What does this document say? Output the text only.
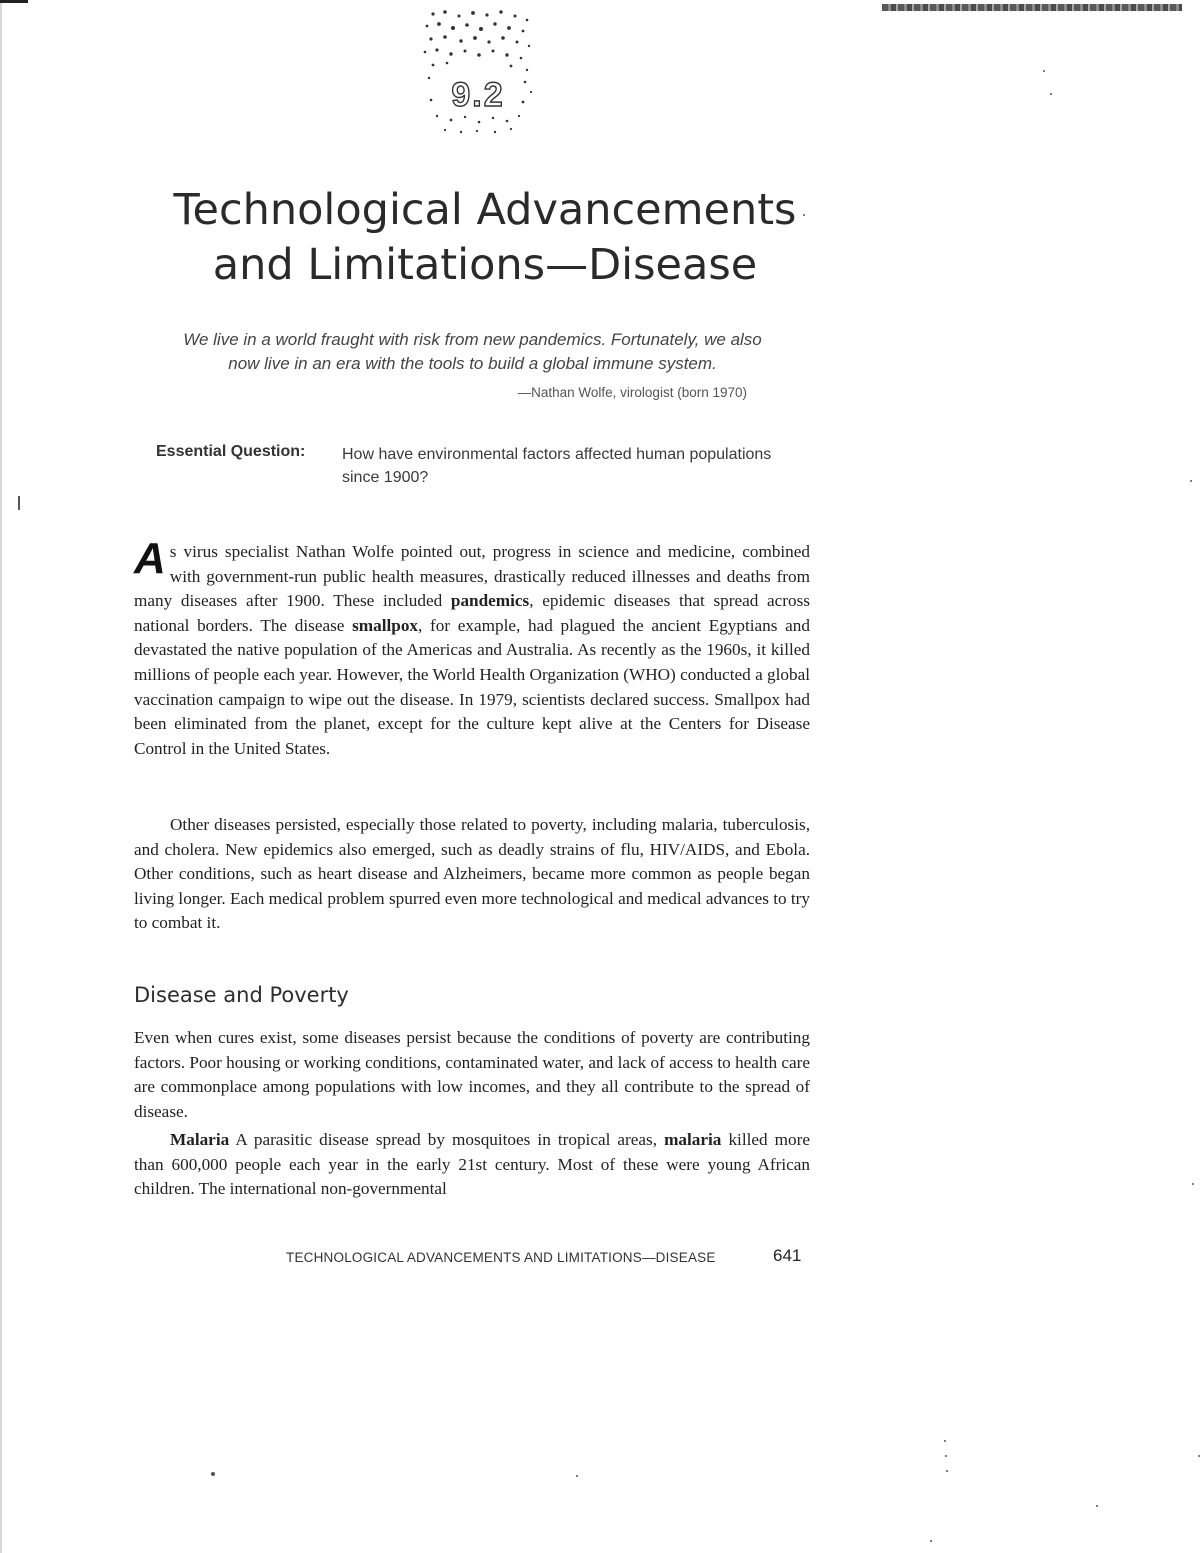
9.2
Technological Advancements
and Limitations—Disease

We live in a world fraught with risk from new pandemics. Fortunately, we also
now live in an era with the tools to build a global immune system.

—Nathan Wolfe, virologist (born 1970)
Essential Question: How have environmental factors affected human populations since 1900?

As virus specialist Nathan Wolfe pointed out, progress in science and medicine, combined with government-run public health measures, drastically reduced illnesses and deaths from many diseases after 1900. These included pandemics, epidemic diseases that spread across national borders. The disease smallpox, for example, had plagued the ancient Egyptians and devastated the native population of the Americas and Australia. As recently as the 1960s, it killed millions of people each year. However, the World Health Organization (WHO) conducted a global vaccination campaign to wipe out the disease. In 1979, scientists declared success. Smallpox had been eliminated from the planet, except for the culture kept alive at the Centers for Disease Control in the United States.

Other diseases persisted, especially those related to poverty, including malaria, tuberculosis, and cholera. New epidemics also emerged, such as deadly strains of flu, HIV/AIDS, and Ebola. Other conditions, such as heart disease and Alzheimers, became more common as people began living longer. Each medical problem spurred even more technological and medical advances to try to combat it.

Disease and Poverty

Even when cures exist, some diseases persist because the conditions of poverty are contributing factors. Poor housing or working conditions, contaminated water, and lack of access to health care are commonplace among populations with low incomes, and they all contribute to the spread of disease.

Malaria A parasitic disease spread by mosquitoes in tropical areas, malaria killed more than 600,000 people each year in the early 21st century. Most of these were young African children. The international non-governmental

TECHNOLOGICAL ADVANCEMENTS AND LIMITATIONS—DISEASE	641
